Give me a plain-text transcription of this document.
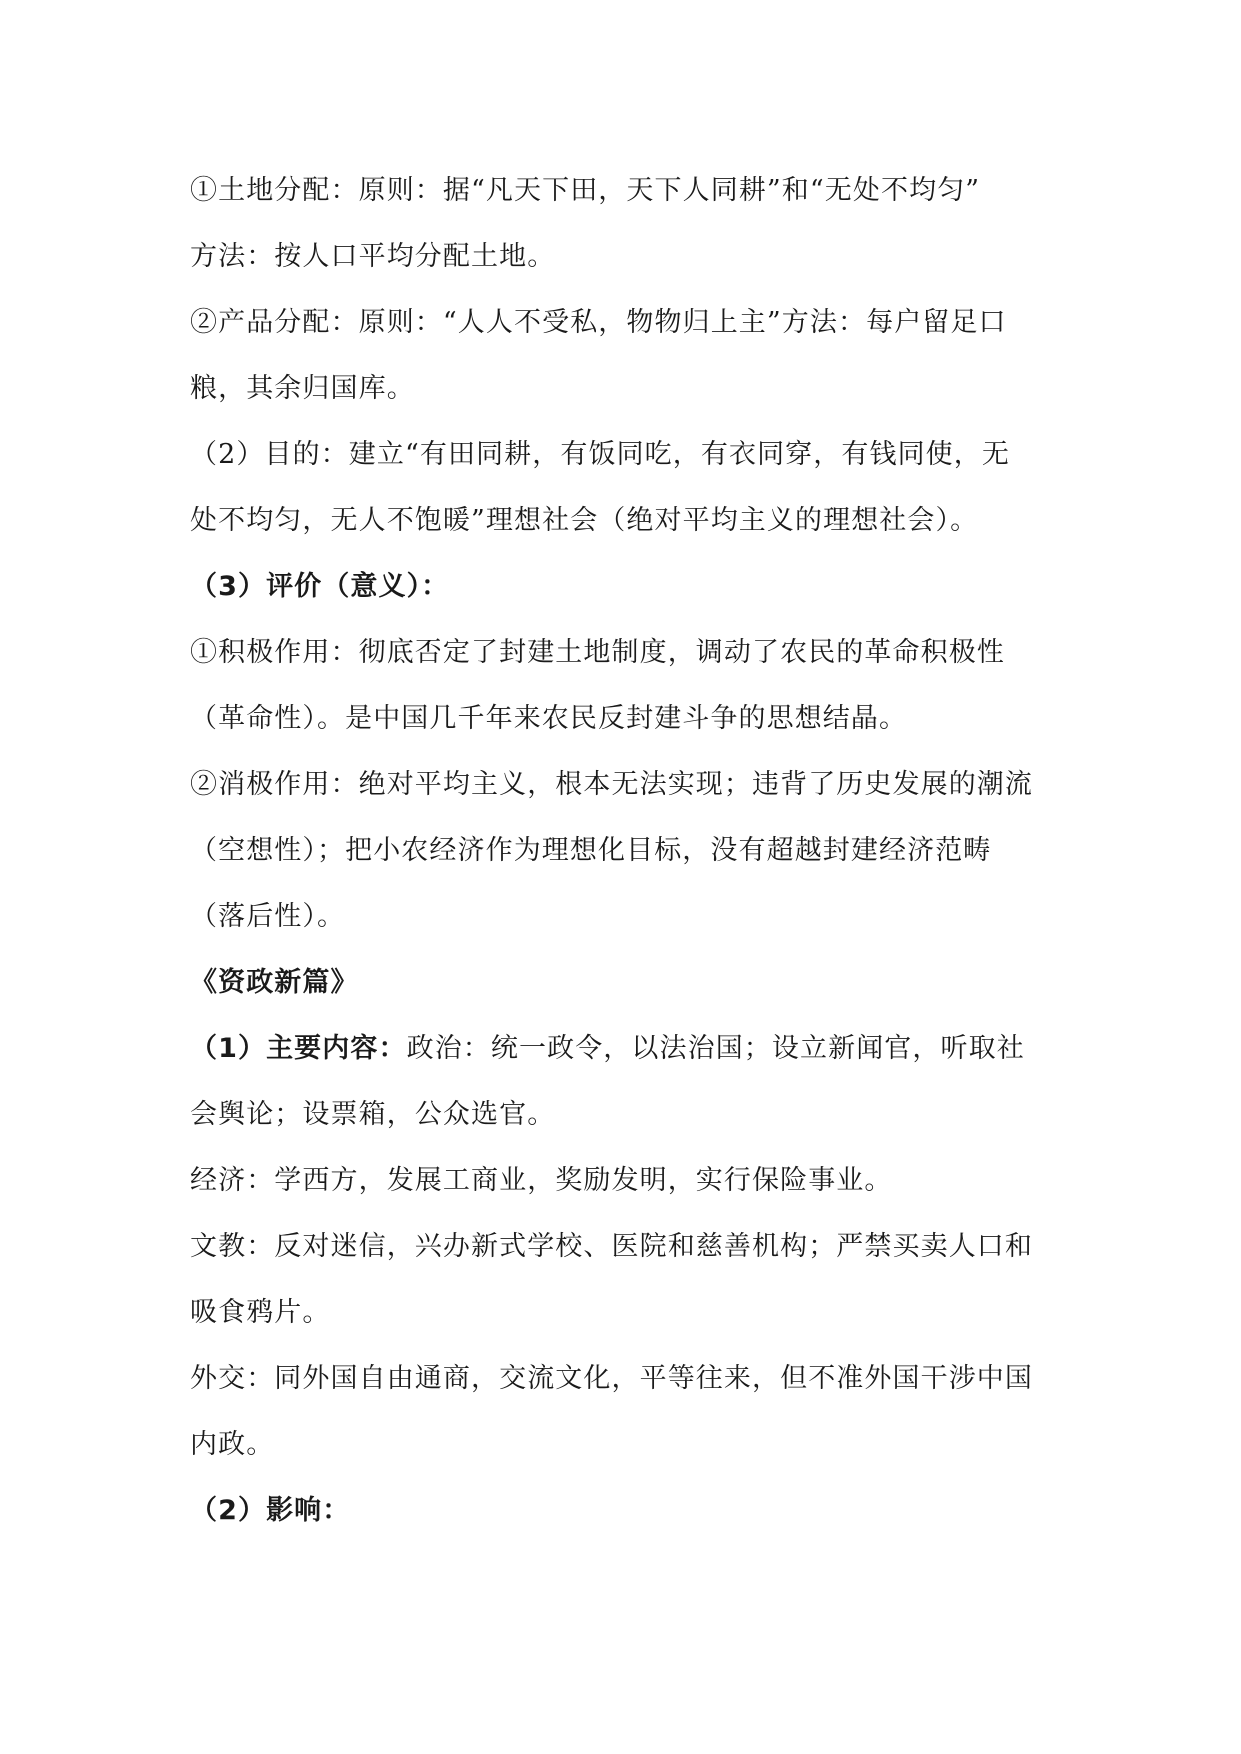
①土地分配：原则：据“凡天下田，天下人同耕”和“无处不均匀”
方法：按人口平均分配土地。
②产品分配：原则：“人人不受私，物物归上主”方法：每户留足口
粮，其余归国库。
（2）目的：建立“有田同耕，有饭同吃，有衣同穿，有钱同使，无
处不均匀，无人不饱暖”理想社会（绝对平均主义的理想社会）。
（3）评价（意义）：
①积极作用：彻底否定了封建土地制度，调动了农民的革命积极性
（革命性）。是中国几千年来农民反封建斗争的思想结晶。
②消极作用：绝对平均主义，根本无法实现；违背了历史发展的潮流
（空想性）；把小农经济作为理想化目标，没有超越封建经济范畴
（落后性）。
《资政新篇》
（1）主要内容：政治：统一政令，以法治国；设立新闻官，听取社
会舆论；设票箱，公众选官。
经济：学西方，发展工商业，奖励发明，实行保险事业。
文教：反对迷信，兴办新式学校、医院和慈善机构；严禁买卖人口和
吸食鸦片。
外交：同外国自由通商，交流文化，平等往来，但不准外国干涉中国
内政。
（2）影响：
